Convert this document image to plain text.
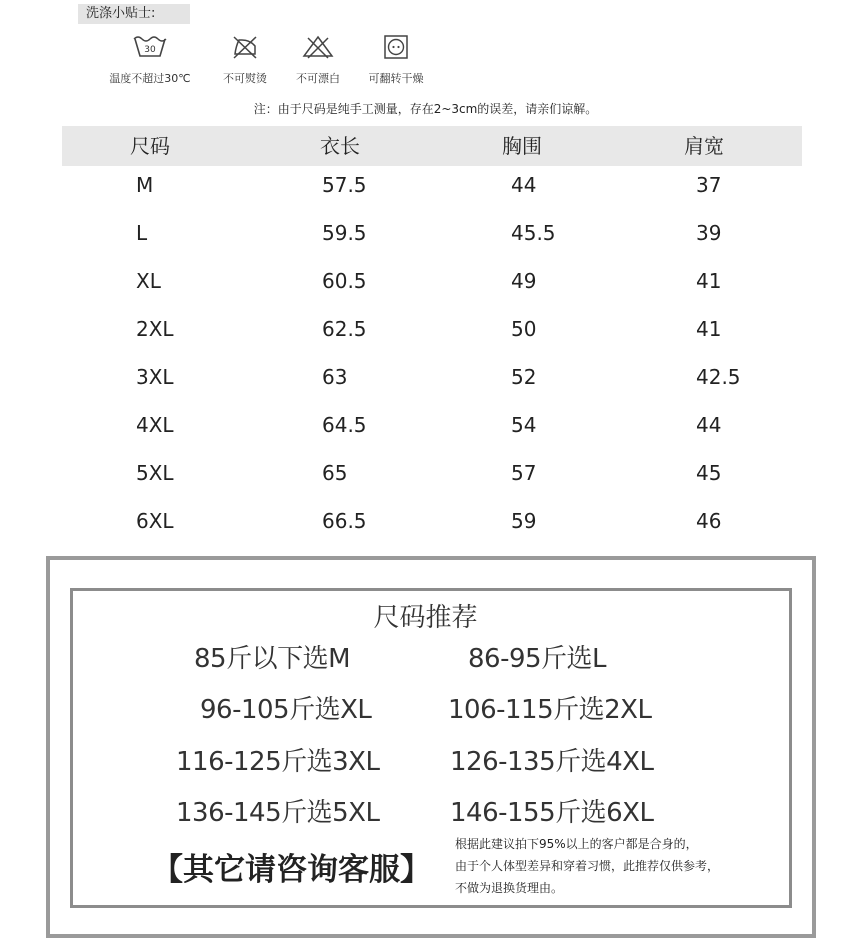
洗涤小贴士:
30
温度不超过30℃	不可熨烫	不可漂白	可翻转干燥
注：由于尺码是纯手工测量，存在2~3cm的误差，请亲们谅解。
尺码	衣长	胸围	肩宽
M	57.5	44	37
L	59.5	45.5	39
XL	60.5	49	41
2XL	62.5	50	41
3XL	63	52	42.5
4XL	64.5	54	44
5XL	65	57	45
6XL	66.5	59	46
尺码推荐
85斤以下选M	86-95斤选L
96-105斤选XL	106-115斤选2XL
116-125斤选3XL	126-135斤选4XL
136-145斤选5XL	146-155斤选6XL
【其它请咨询客服】
根据此建议拍下95%以上的客户都是合身的，
由于个人体型差异和穿着习惯，此推荐仅供参考，
不做为退换货理由。
